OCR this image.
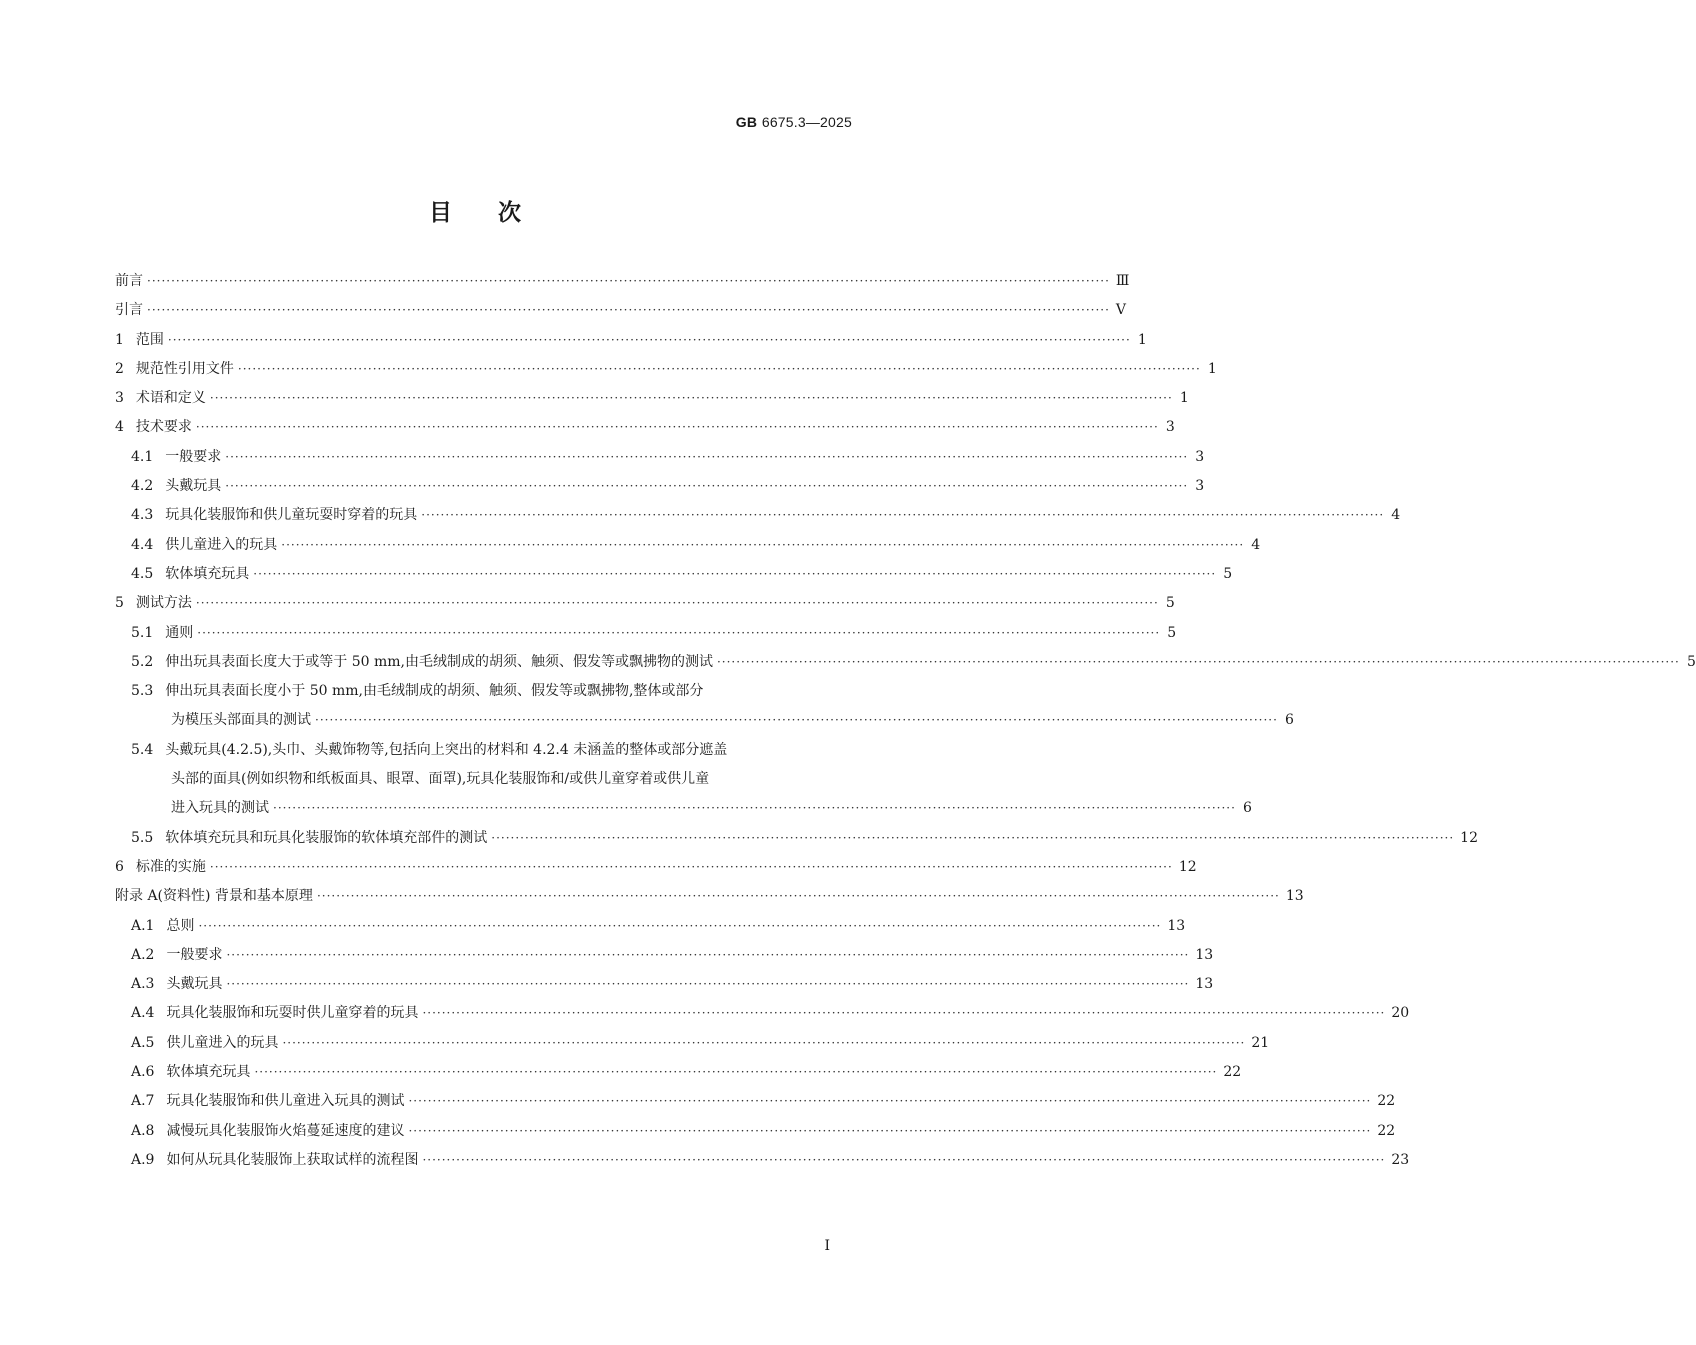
GB 6675.3—2025
目次
前言 ········································································································································································································ Ⅲ
引言 ········································································································································································································ Ⅴ
1 范围 ········································································································································································································ 1
2 规范性引用文件 ········································································································································································································ 1
3 术语和定义 ········································································································································································································ 1
4 技术要求 ········································································································································································································ 3
4.1 一般要求 ········································································································································································································ 3
4.2 头戴玩具 ········································································································································································································ 3
4.3 玩具化装服饰和供儿童玩耍时穿着的玩具 ········································································································································································································ 4
4.4 供儿童进入的玩具 ········································································································································································································ 4
4.5 软体填充玩具 ········································································································································································································ 5
5 测试方法 ········································································································································································································ 5
5.1 通则 ········································································································································································································ 5
5.2 伸出玩具表面长度大于或等于 50 mm,由毛绒制成的胡须、触须、假发等或飘拂物的测试 ········································································································································································································ 5
5.3 伸出玩具表面长度小于 50 mm,由毛绒制成的胡须、触须、假发等或飘拂物,整体或部分
为模压头部面具的测试 ········································································································································································································ 6
5.4 头戴玩具(4.2.5),头巾、头戴饰物等,包括向上突出的材料和 4.2.4 未涵盖的整体或部分遮盖
头部的面具(例如织物和纸板面具、眼罩、面罩),玩具化装服饰和/或供儿童穿着或供儿童
进入玩具的测试 ········································································································································································································ 6
5.5 软体填充玩具和玩具化装服饰的软体填充部件的测试 ········································································································································································································ 12
6 标准的实施 ········································································································································································································ 12
附录 A(资料性) 背景和基本原理 ········································································································································································································ 13
A.1 总则 ········································································································································································································ 13
A.2 一般要求 ········································································································································································································ 13
A.3 头戴玩具 ········································································································································································································ 13
A.4 玩具化装服饰和玩耍时供儿童穿着的玩具 ········································································································································································································ 20
A.5 供儿童进入的玩具 ········································································································································································································ 21
A.6 软体填充玩具 ········································································································································································································ 22
A.7 玩具化装服饰和供儿童进入玩具的测试 ········································································································································································································ 22
A.8 减慢玩具化装服饰火焰蔓延速度的建议 ········································································································································································································ 22
A.9 如何从玩具化装服饰上获取试样的流程图 ········································································································································································································ 23
I
